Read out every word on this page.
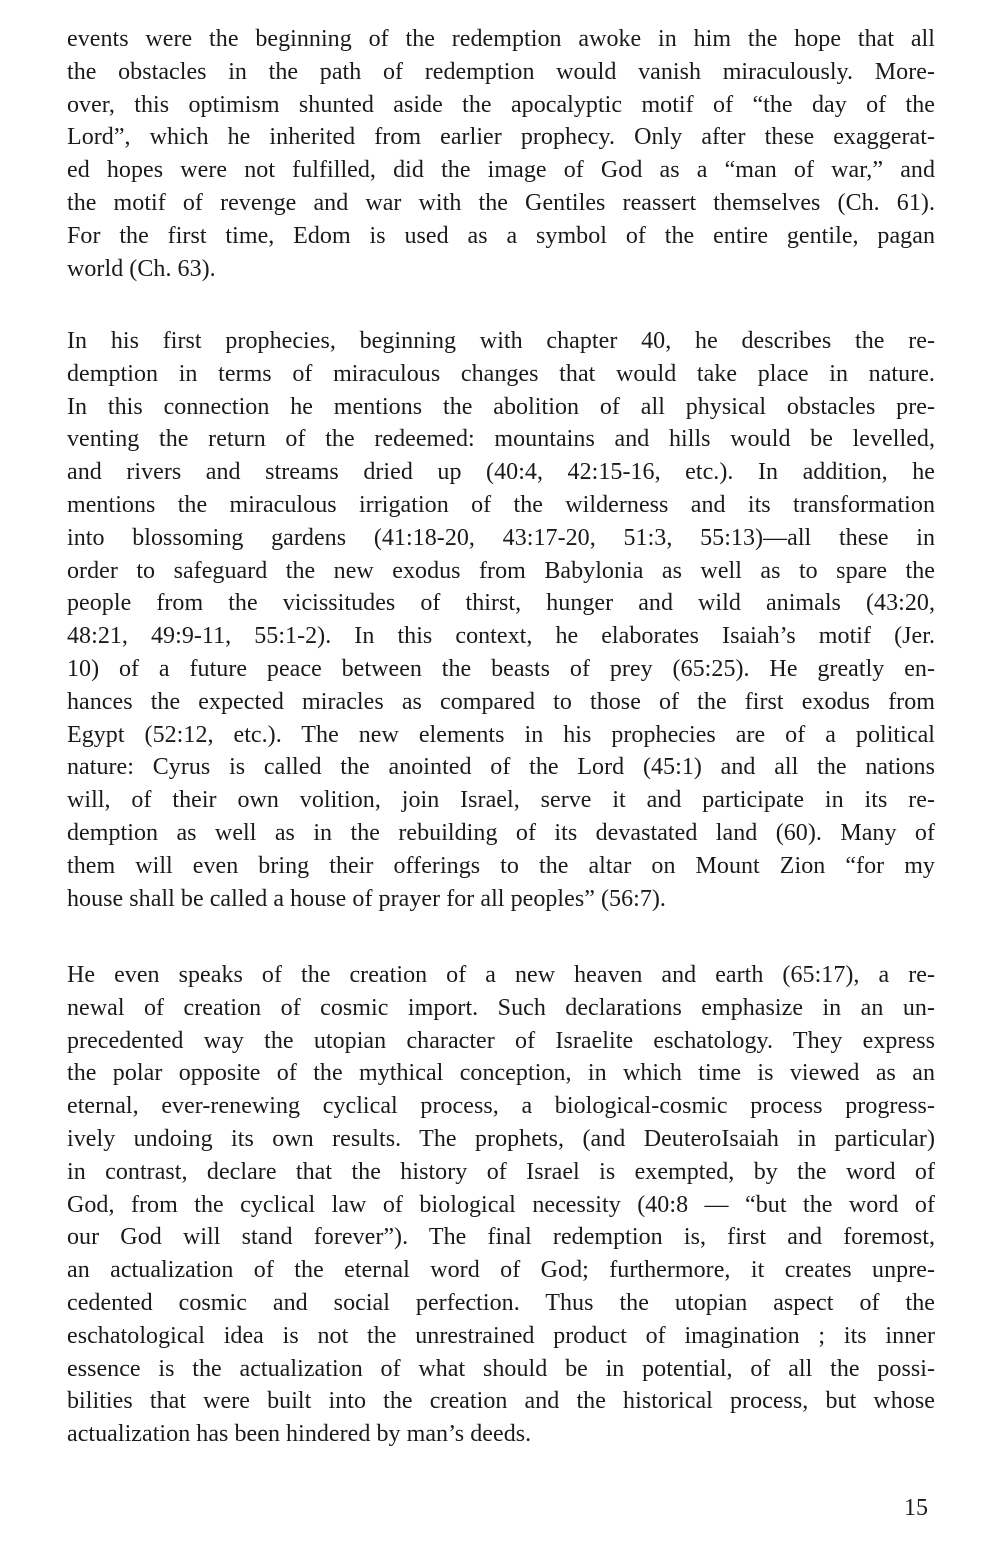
events were the beginning of the redemption awoke in him the hope that all
the obstacles in the path of redemption would vanish miraculously. More-
over, this optimism shunted aside the apocalyptic motif of “the day of the
Lord”, which he inherited from earlier prophecy. Only after these exaggerat-
ed hopes were not fulfilled, did the image of God as a “man of war,” and
the motif of revenge and war with the Gentiles reassert themselves (Ch. 61).
For the first time, Edom is used as a symbol of the entire gentile, pagan
world (Ch. 63).
In his first prophecies, beginning with chapter 40, he describes the re-
demption in terms of miraculous changes that would take place in nature.
In this connection he mentions the abolition of all physical obstacles pre-
venting the return of the redeemed: mountains and hills would be levelled,
and rivers and streams dried up (40:4, 42:15-16, etc.). In addition, he
mentions the miraculous irrigation of the wilderness and its transformation
into blossoming gardens (41:18-20, 43:17-20, 51:3, 55:13)—all these in
order to safeguard the new exodus from Babylonia as well as to spare the
people from the vicissitudes of thirst, hunger and wild animals (43:20,
48:21, 49:9-11, 55:1-2). In this context, he elaborates Isaiah’s motif (Jer.
10) of a future peace between the beasts of prey (65:25). He greatly en-
hances the expected miracles as compared to those of the first exodus from
Egypt (52:12, etc.). The new elements in his prophecies are of a political
nature: Cyrus is called the anointed of the Lord (45:1) and all the nations
will, of their own volition, join Israel, serve it and participate in its re-
demption as well as in the rebuilding of its devastated land (60). Many of
them will even bring their offerings to the altar on Mount Zion “for my
house shall be called a house of prayer for all peoples” (56:7).
He even speaks of the creation of a new heaven and earth (65:17), a re-
newal of creation of cosmic import. Such declarations emphasize in an un-
precedented way the utopian character of Israelite eschatology. They express
the polar opposite of the mythical conception, in which time is viewed as an
eternal, ever-renewing cyclical process, a biological-cosmic process progress-
ively undoing its own results. The prophets, (and DeuteroIsaiah in particular)
in contrast, declare that the history of Israel is exempted, by the word of
God, from the cyclical law of biological necessity (40:8 — “but the word of
our God will stand forever”). The final redemption is, first and foremost,
an actualization of the eternal word of God; furthermore, it creates unpre-
cedented cosmic and social perfection. Thus the utopian aspect of the
eschatological idea is not the unrestrained product of imagination ; its inner
essence is the actualization of what should be in potential, of all the possi-
bilities that were built into the creation and the historical process, but whose
actualization has been hindered by man’s deeds.
15
